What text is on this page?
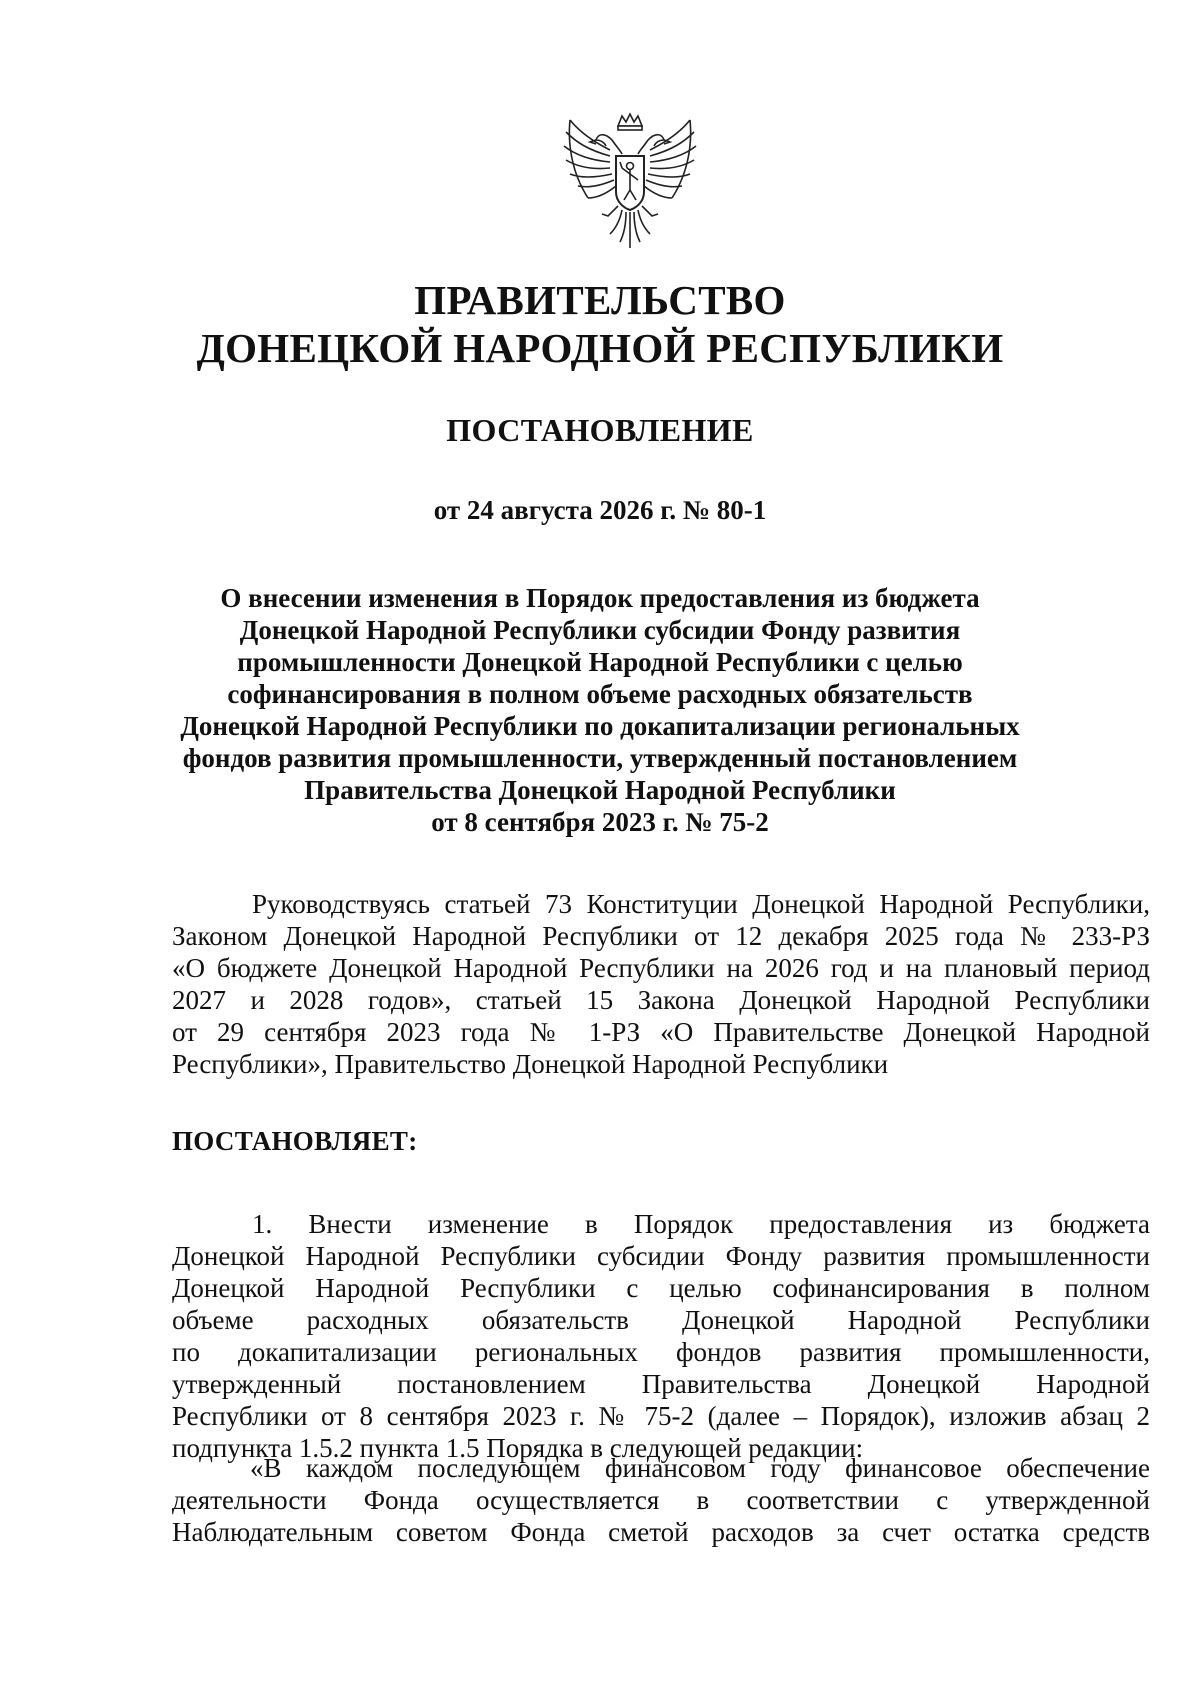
ПРАВИТЕЛЬСТВО
ДОНЕЦКОЙ НАРОДНОЙ РЕСПУБЛИКИ
ПОСТАНОВЛЕНИЕ
от 24 августа 2026 г. № 80-1
О внесении изменения в Порядок предоставления из бюджета
Донецкой Народной Республики субсидии Фонду развития
промышленности Донецкой Народной Республики с целью
софинансирования в полном объеме расходных обязательств
Донецкой Народной Республики по докапитализации региональных
фондов развития промышленности, утвержденный постановлением
Правительства Донецкой Народной Республики
от 8 сентября 2023 г. № 75-2
Руководствуясь статьей 73 Конституции Донецкой Народной Республики,
Законом Донецкой Народной Республики от 12 декабря 2025 года № 233-РЗ
«О бюджете Донецкой Народной Республики на 2026 год и на плановый период
2027 и 2028 годов», статьей 15 Закона Донецкой Народной Республики
от 29 сентября 2023 года № 1-РЗ «О Правительстве Донецкой Народной
Республики», Правительство Донецкой Народной Республики
ПОСТАНОВЛЯЕТ:
1. Внести изменение в Порядок предоставления из бюджета
Донецкой Народной Республики субсидии Фонду развития промышленности
Донецкой Народной Республики с целью софинансирования в полном
объеме расходных обязательств Донецкой Народной Республики
по докапитализации региональных фондов развития промышленности,
утвержденный постановлением Правительства Донецкой Народной
Республики от 8 сентября 2023 г. № 75-2 (далее – Порядок), изложив абзац 2
подпункта 1.5.2 пункта 1.5 Порядка в следующей редакции:
«В каждом последующем финансовом году финансовое обеспечение
деятельности Фонда осуществляется в соответствии с утвержденной
Наблюдательным советом Фонда сметой расходов за счет остатка средств
